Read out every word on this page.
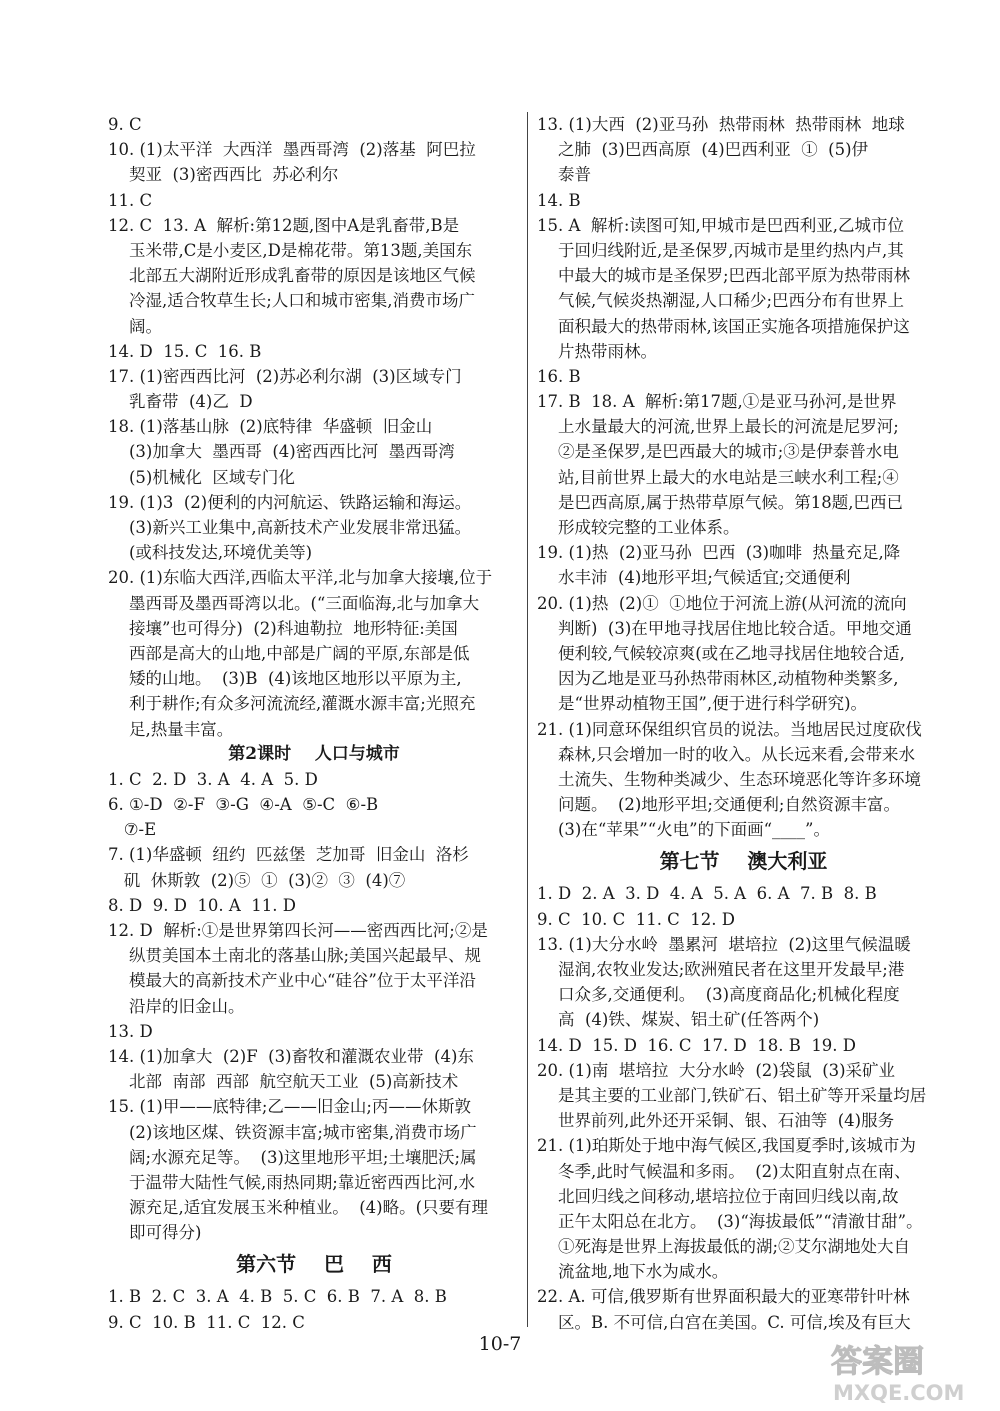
9. C
10. (1)太平洋  大西洋  墨西哥湾  (2)落基  阿巴拉
契亚  (3)密西西比  苏必利尔
11. C
12. C  13. A  解析:第12题,图中A是乳畜带,B是
玉米带,C是小麦区,D是棉花带。第13题,美国东
北部五大湖附近形成乳畜带的原因是该地区气候
冷湿,适合牧草生长;人口和城市密集,消费市场广
阔。
14. D  15. C  16. B
17. (1)密西西比河  (2)苏必利尔湖  (3)区域专门
乳畜带  (4)乙  D
18. (1)落基山脉  (2)底特律  华盛顿  旧金山
(3)加拿大  墨西哥  (4)密西西比河  墨西哥湾
(5)机械化  区域专门化
19. (1)3  (2)便利的内河航运、铁路运输和海运。
(3)新兴工业集中,高新技术产业发展非常迅猛。
(或科技发达,环境优美等)
20. (1)东临大西洋,西临太平洋,北与加拿大接壤,位于
墨西哥及墨西哥湾以北。(“三面临海,北与加拿大
接壤”也可得分)  (2)科迪勒拉  地形特征:美国
西部是高大的山地,中部是广阔的平原,东部是低
矮的山地。  (3)B  (4)该地区地形以平原为主,
利于耕作;有众多河流流经,灌溉水源丰富;光照充
足,热量丰富。
第2课时    人口与城市
1. C  2. D  3. A  4. A  5. D
6. ①-D  ②-F  ③-G  ④-A  ⑤-C  ⑥-B
⑦-E
7. (1)华盛顿  纽约  匹兹堡  芝加哥  旧金山  洛杉
矶  休斯敦  (2)⑤  ①  (3)②  ③  (4)⑦
8. D  9. D  10. A  11. D
12. D  解析:①是世界第四长河——密西西比河;②是
纵贯美国本土南北的落基山脉;美国兴起最早、规
模最大的高新技术产业中心“硅谷”位于太平洋沿
沿岸的旧金山。
13. D
14. (1)加拿大  (2)F  (3)畜牧和灌溉农业带  (4)东
北部  南部  西部  航空航天工业  (5)高新技术
15. (1)甲——底特律;乙——旧金山;丙——休斯敦
(2)该地区煤、铁资源丰富;城市密集,消费市场广
阔;水源充足等。  (3)这里地形平坦;土壤肥沃;属
于温带大陆性气候,雨热同期;靠近密西西比河,水
源充足,适宜发展玉米种植业。  (4)略。(只要有理
即可得分)
第六节    巴    西
1. B  2. C  3. A  4. B  5. C  6. B  7. A  8. B
9. C  10. B  11. C  12. C
13. (1)大西  (2)亚马孙  热带雨林  热带雨林  地球
之肺  (3)巴西高原  (4)巴西利亚  ①  (5)伊
泰普
14. B
15. A  解析:读图可知,甲城市是巴西利亚,乙城市位
于回归线附近,是圣保罗,丙城市是里约热内卢,其
中最大的城市是圣保罗;巴西北部平原为热带雨林
气候,气候炎热潮湿,人口稀少;巴西分布有世界上
面积最大的热带雨林,该国正实施各项措施保护这
片热带雨林。
16. B
17. B  18. A  解析:第17题,①是亚马孙河,是世界
上水量最大的河流,世界上最长的河流是尼罗河;
②是圣保罗,是巴西最大的城市;③是伊泰普水电
站,目前世界上最大的水电站是三峡水利工程;④
是巴西高原,属于热带草原气候。第18题,巴西已
形成较完整的工业体系。
19. (1)热  (2)亚马孙  巴西  (3)咖啡  热量充足,降
水丰沛  (4)地形平坦;气候适宜;交通便利
20. (1)热  (2)①  ①地位于河流上游(从河流的流向
判断)  (3)在甲地寻找居住地比较合适。甲地交通
便利较,气候较凉爽(或在乙地寻找居住地较合适,
因为乙地是亚马孙热带雨林区,动植物种类繁多,
是“世界动植物王国”,便于进行科学研究)。
21. (1)同意环保组织官员的说法。当地居民过度砍伐
森林,只会增加一时的收入。从长远来看,会带来水
土流失、生物种类减少、生态环境恶化等许多环境
问题。  (2)地形平坦;交通便利;自然资源丰富。
(3)在“苹果”“火电”的下面画“____”。
第七节    澳大利亚
1. D  2. A  3. D  4. A  5. A  6. A  7. B  8. B
9. C  10. C  11. C  12. D
13. (1)大分水岭  墨累河  堪培拉  (2)这里气候温暖
湿润,农牧业发达;欧洲殖民者在这里开发最早;港
口众多,交通便利。  (3)高度商品化;机械化程度
高  (4)铁、煤炭、铝土矿(任答两个)
14. D  15. D  16. C  17. D  18. B  19. D
20. (1)南  堪培拉  大分水岭  (2)袋鼠  (3)采矿业
是其主要的工业部门,铁矿石、铝土矿等开采量均居
世界前列,此外还开采铜、银、石油等  (4)服务
21. (1)珀斯处于地中海气候区,我国夏季时,该城市为
冬季,此时气候温和多雨。  (2)太阳直射点在南、
北回归线之间移动,堪培拉位于南回归线以南,故
正午太阳总在北方。  (3)“海拔最低”“清澈甘甜”。
①死海是世界上海拔最低的湖;②艾尔湖地处大自
流盆地,地下水为咸水。
22. A. 可信,俄罗斯有世界面积最大的亚寒带针叶林
区。B. 不可信,白宫在美国。C. 可信,埃及有巨大
10-7	答案圈
MXQE.COM
